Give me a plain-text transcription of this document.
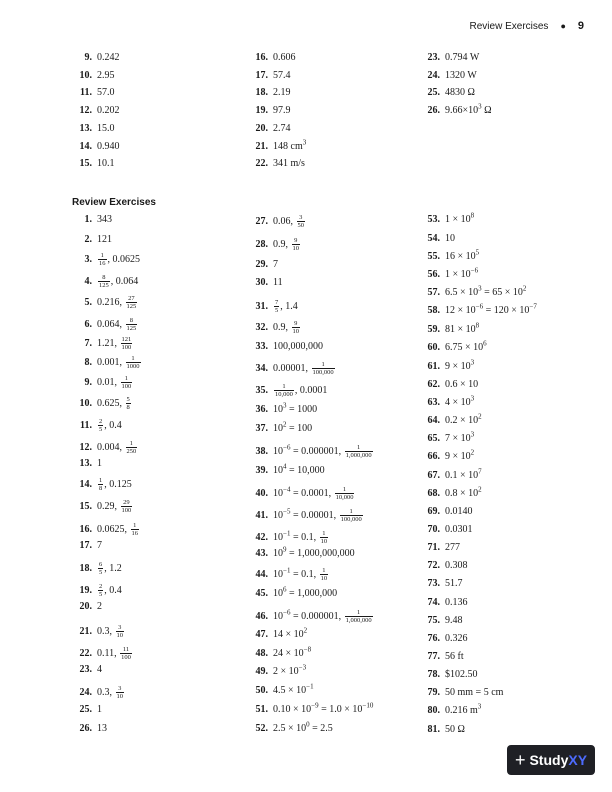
Review Exercises ● 9
9. 0.242
10. 2.95
11. 57.0
12. 0.202
13. 15.0
14. 0.940
15. 10.1
16. 0.606
17. 57.4
18. 2.19
19. 97.9
20. 2.74
21. 148 $cm^3$
22. 341 m/s
23. 0.794 W
24. 1320 W
25. 4830 Ω
26. $9.66\times 10^3$ Ω
Review Exercises
1. 343
2. 121
3. $\frac{1}{16}$ , 0.0625
4. $\frac{8}{125}$ , 0.064
5. 0.216, $\frac{27}{125}$
6. 0.064, $\frac{8}{125}$
7. 1.21, $\frac{121}{100}$
8. 0.001, $\frac{1}{1000}$
9. 0.01, $\frac{1}{100}$
10. 0.625, $\frac{5}{8}$
11. $\frac{2}{5}$ , 0.4
12. 0.004, $\frac{1}{250}$
13. 1
14. $\frac{1}{8}$ , 0.125
15. 0.29, $\frac{29}{100}$
16. 0.0625, $\frac{1}{16}$
17. 7
18. $\frac{6}{5}$ , 1.2
19. $\frac{2}{5}$ , 0.4
20. 2
21. 0.3, $\frac{3}{10}$
22. 0.11, $\frac{11}{100}$
23. 4
24. 0.3, $\frac{3}{10}$
25. 1
26. 13
27. 0.06, $\frac{3}{50}$
28. 0.9, $\frac{9}{10}$
29. 7
30. 11
31. $\frac{7}{5}$ , 1.4
32. 0.9, $\frac{9}{10}$
33. 100,000,000
34. 0.00001, $\frac{1}{100,000}$
35. $\frac{1}{10,000}$ , 0.0001
36. $10^3 = 1000$
37. $10^2 = 100$
38. $10^{-6} = 0.000001$, $\frac{1}{1,000,000}$
39. $10^4 = 10,000$
40. $10^{-4} = 0.0001$, $\frac{1}{10,000}$
41. $10^{-5} = 0.00001$, $\frac{1}{100,000}$
42. $10^{-1} = 0.1$, $\frac{1}{10}$
43. $10^9 = 1,000,000,000$
44. $10^{-1} = 0.1$, $\frac{1}{10}$
45. $10^6 = 1,000,000$
46. $10^{-6} = 0.000001$, $\frac{1}{1,000,000}$
47. $14 \times 10^2$
48. $24 \times 10^{-8}$
49. $2 \times 10^{-3}$
50. $4.5 \times 10^{-1}$
51. $0.10 \times 10^{-9} = 1.0 \times 10^{-10}$
52. $2.5 \times 10^0 = 2.5$
53. $1 \times 10^8$
54. 10
55. $16 \times 10^5$
56. $1 \times 10^{-6}$
57. $6.5 \times 10^3 = 65 \times 10^2$
58. $12 \times 10^{-6} = 120 \times 10^{-7}$
59. $81 \times 10^8$
60. $6.75 \times 10^6$
61. $9 \times 10^3$
62. 0.6 × 10
63. $4 \times 10^3$
64. $0.2 \times 10^2$
65. $7 \times 10^3$
66. $9 \times 10^2$
67. $0.1 \times 10^7$
68. $0.8 \times 10^2$
69. 0.0140
70. 0.0301
71. 277
72. 0.308
73. 51.7
74. 0.136
75. 9.48
76. 0.326
77. 56 ft
78. $102.50
79. 50 mm = 5 cm
80. 0.216 $m^3$
81. 50 Ω
+ StudyXY
